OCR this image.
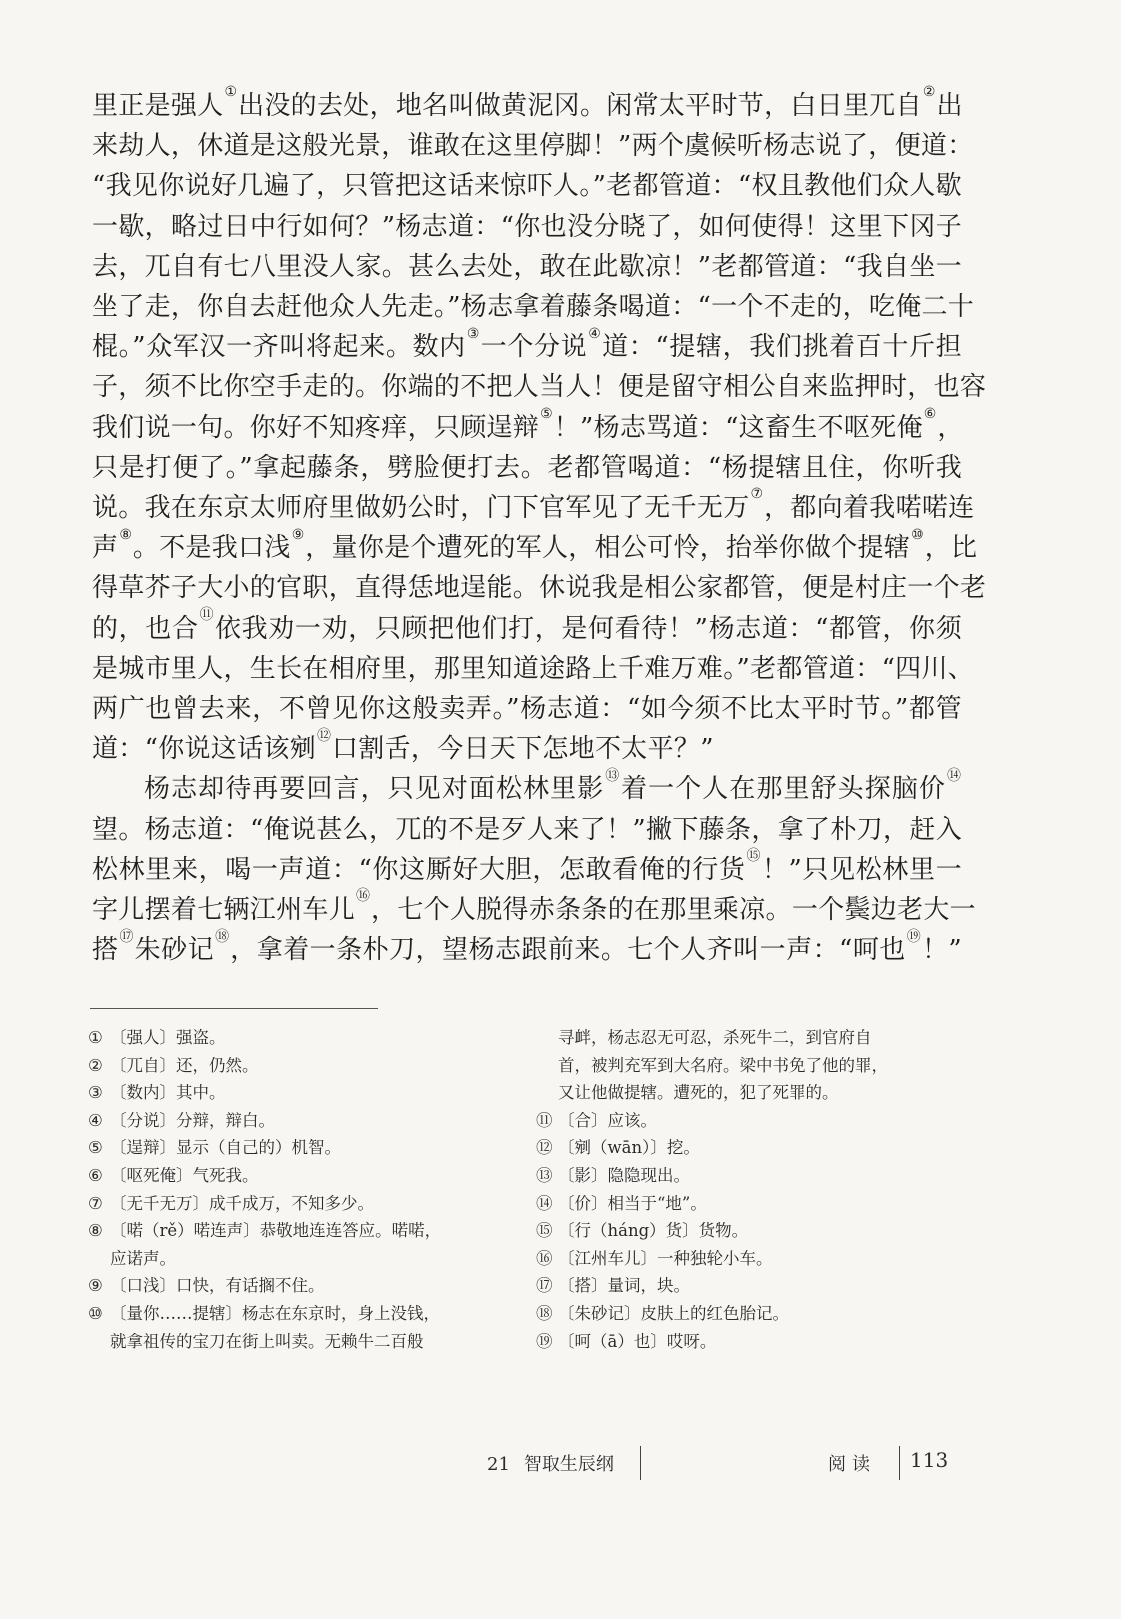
里正是强人①出没的去处，地名叫做黄泥冈。闲常太平时节，白日里兀自②出
来劫人，休道是这般光景，谁敢在这里停脚！”两个虞候听杨志说了，便道：
“我见你说好几遍了，只管把这话来惊吓人。”老都管道：“权且教他们众人歇
一歇，略过日中行如何？”杨志道：“你也没分晓了，如何使得！这里下冈子
去，兀自有七八里没人家。甚么去处，敢在此歇凉！”老都管道：“我自坐一
坐了走，你自去赶他众人先走。”杨志拿着藤条喝道：“一个不走的，吃俺二十
棍。”众军汉一齐叫将起来。数内③一个分说④道：“提辖，我们挑着百十斤担
子，须不比你空手走的。你端的不把人当人！便是留守相公自来监押时，也容
我们说一句。你好不知疼痒，只顾逞辩⑤！”杨志骂道：“这畜生不呕死俺⑥，
只是打便了。”拿起藤条，劈脸便打去。老都管喝道：“杨提辖且住，你听我
说。我在东京太师府里做奶公时，门下官军见了无千无万⑦，都向着我喏喏连
声⑧。不是我口浅⑨，量你是个遭死的军人，相公可怜，抬举你做个提辖⑩，比
得草芥子大小的官职，直得恁地逞能。休说我是相公家都管，便是村庄一个老
的，也合⑪依我劝一劝，只顾把他们打，是何看待！”杨志道：“都管，你须
是城市里人，生长在相府里，那里知道途路上千难万难。”老都管道：“四川、
两广也曾去来，不曾见你这般卖弄。”杨志道：“如今须不比太平时节。”都管
道：“你说这话该剜⑫口割舌，今日天下怎地不太平？”
杨志却待再要回言，只见对面松林里影⑬着一个人在那里舒头探脑价⑭
望。杨志道：“俺说甚么，兀的不是歹人来了！”撇下藤条，拿了朴刀，赶入
松林里来，喝一声道：“你这厮好大胆，怎敢看俺的行货⑮！”只见松林里一
字儿摆着七辆江州车儿⑯，七个人脱得赤条条的在那里乘凉。一个鬓边老大一
搭⑰朱砂记⑱，拿着一条朴刀，望杨志跟前来。七个人齐叫一声：“呵也⑲！”
① 〔强人〕强盗。
② 〔兀自〕还，仍然。
③ 〔数内〕其中。
④ 〔分说〕分辩，辩白。
⑤ 〔逞辩〕显示（自己的）机智。
⑥ 〔呕死俺〕气死我。
⑦ 〔无千无万〕成千成万，不知多少。
⑧ 〔喏（rě）喏连声〕恭敬地连连答应。喏喏，
应诺声。
⑨ 〔口浅〕口快，有话搁不住。
⑩ 〔量你……提辖〕杨志在东京时，身上没钱，
就拿祖传的宝刀在街上叫卖。无赖牛二百般
寻衅，杨志忍无可忍，杀死牛二，到官府自
首，被判充军到大名府。梁中书免了他的罪，
又让他做提辖。遭死的，犯了死罪的。
⑪ 〔合〕应该。
⑫ 〔剜（wān）〕挖。
⑬ 〔影〕隐隐现出。
⑭ 〔价〕相当于“地”。
⑮ 〔行（háng）货〕货物。
⑯ 〔江州车儿〕一种独轮小车。
⑰ 〔搭〕量词，块。
⑱ 〔朱砂记〕皮肤上的红色胎记。
⑲ 〔呵（ā）也〕哎呀。
21 智取生辰纲	阅读 113
